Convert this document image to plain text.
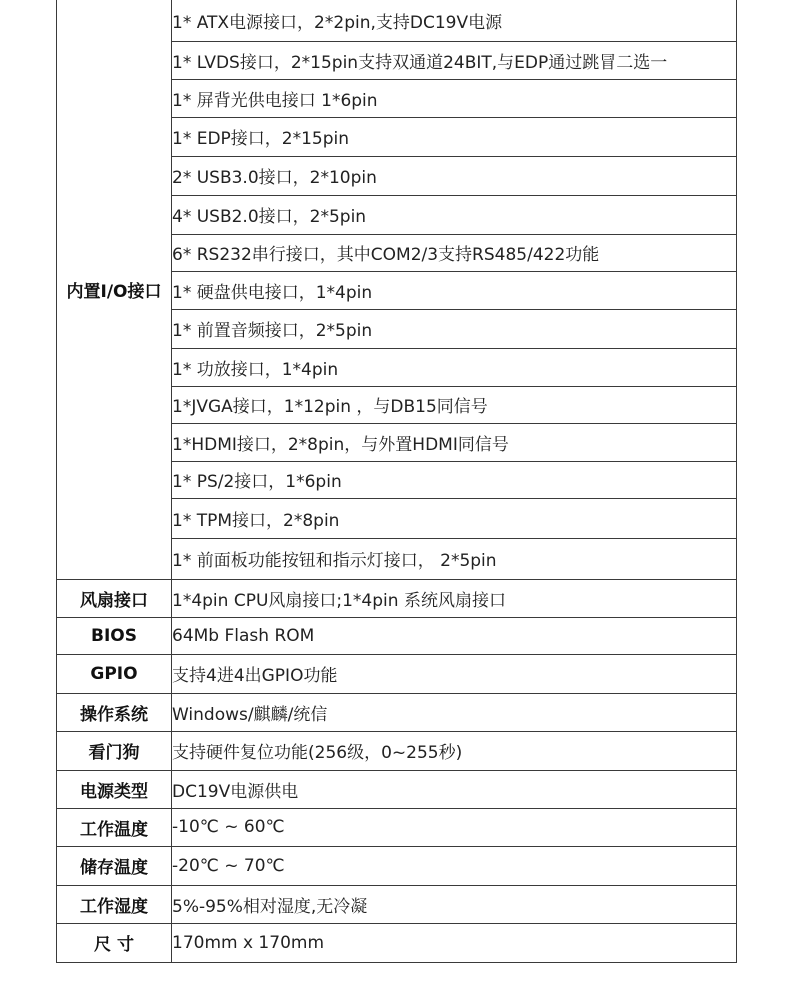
内置I/O接口	1* ATX电源接口，2*2pin,支持DC19V电源
	1* LVDS接口，2*15pin支持双通道24BIT,与EDP通过跳冒二选一
	1* 屏背光供电接口 1*6pin
	1* EDP接口，2*15pin
	2* USB3.0接口，2*10pin
	4* USB2.0接口，2*5pin
	6* RS232串行接口，其中COM2/3支持RS485/422功能
	1* 硬盘供电接口，1*4pin
	1* 前置音频接口，2*5pin
	1* 功放接口，1*4pin
	1*JVGA接口，1*12pin ，与DB15同信号
	1*HDMI接口，2*8pin，与外置HDMI同信号
	1* PS/2接口，1*6pin
	1* TPM接口，2*8pin
	1* 前面板功能按钮和指示灯接口， 2*5pin
风扇接口	1*4pin CPU风扇接口;1*4pin 系统风扇接口
BIOS	64Mb Flash ROM
GPIO	支持4进4出GPIO功能
操作系统	Windows/麒麟/统信
看门狗	支持硬件复位功能(256级，0~255秒)
电源类型	DC19V电源供电
工作温度	-10℃ ~ 60℃
储存温度	-20℃ ~ 70℃
工作湿度	5%-95%相对湿度,无冷凝
尺 寸	170mm x 170mm
